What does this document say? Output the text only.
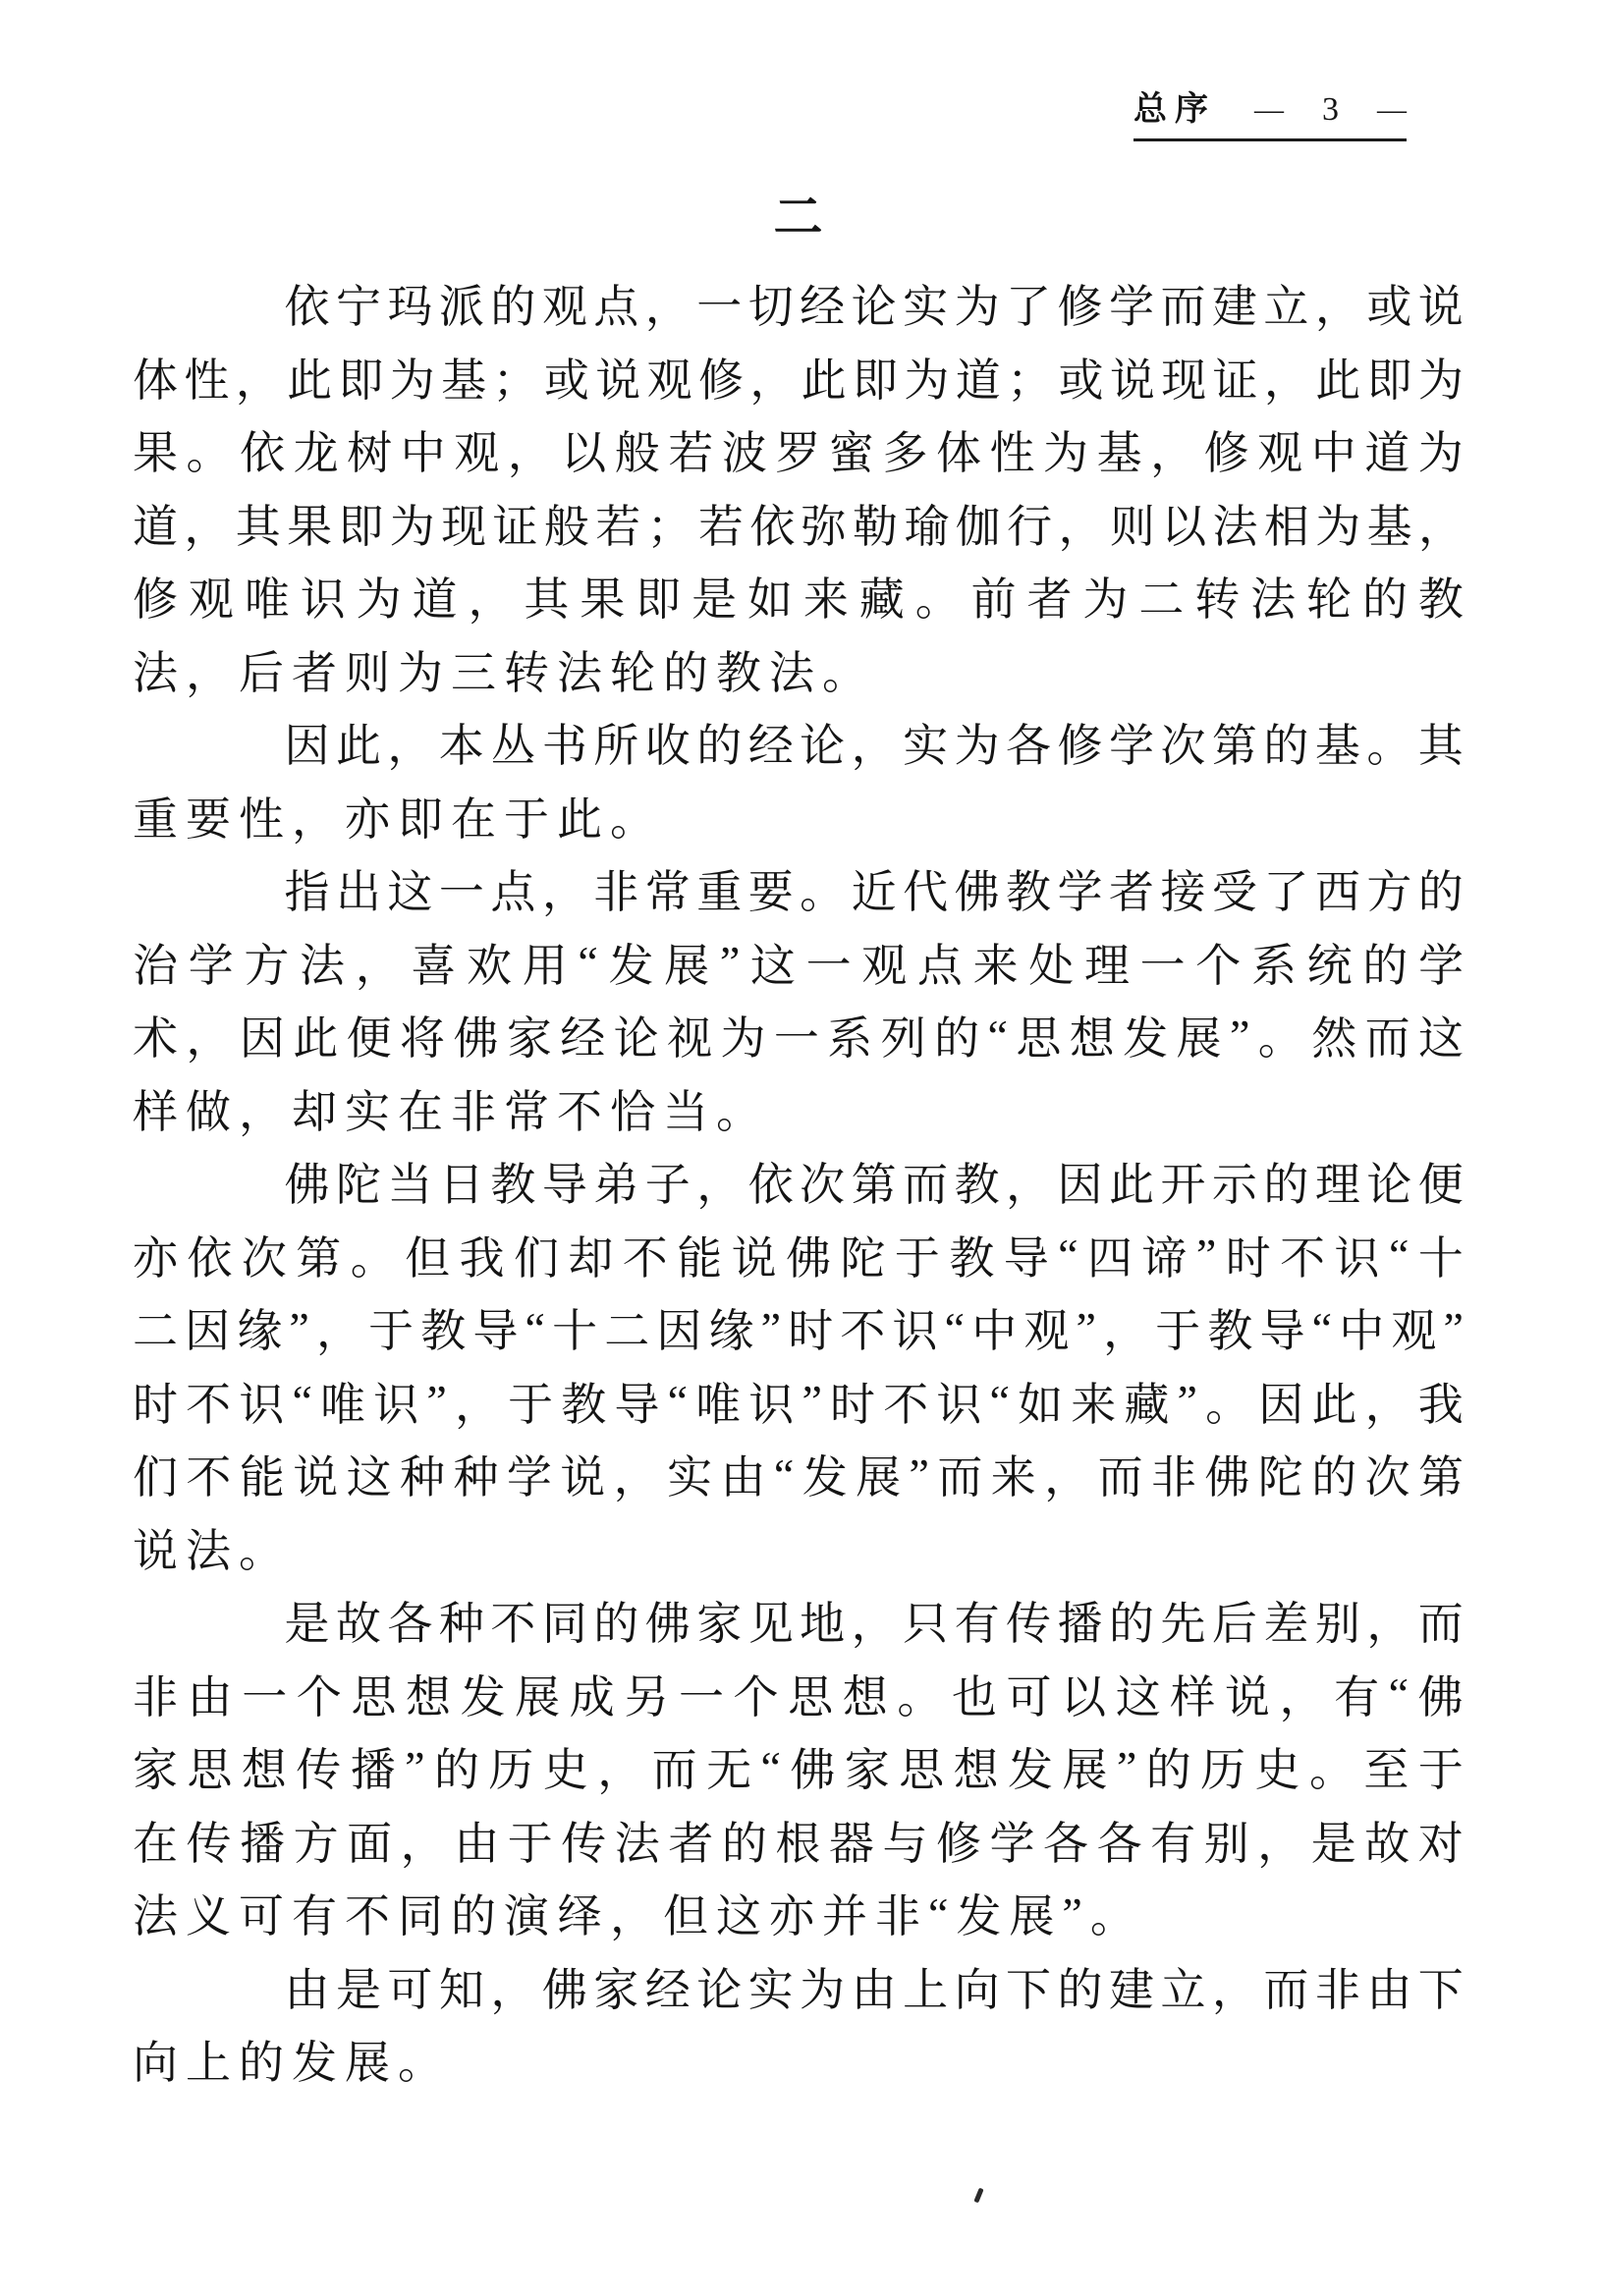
总序 — 3 —
二
依 宁 玛 派 的 观 点 ， 一 切 经 论 实 为 了 修 学 而 建 立 ， 或 说
体 性 ， 此 即 为 基 ； 或 说 观 修 ， 此 即 为 道 ； 或 说 现 证 ， 此 即 为
果 。 依 龙 树 中 观 ， 以 般 若 波 罗 蜜 多 体 性 为 基 ， 修 观 中 道 为
道 ， 其 果 即 为 现 证 般 若 ； 若 依 弥 勒 瑜 伽 行 ， 则 以 法 相 为 基 ，
修 观 唯 识 为 道 ， 其 果 即 是 如 来 藏 。 前 者 为 二 转 法 轮 的 教
法 ， 后 者 则 为 三 转 法 轮 的 教 法 。
因 此 ， 本 丛 书 所 收 的 经 论 ， 实 为 各 修 学 次 第 的 基 。 其
重 要 性 ， 亦 即 在 于 此 。
指 出 这 一 点 ， 非 常 重 要 。 近 代 佛 教 学 者 接 受 了 西 方 的
治 学 方 法 ， 喜 欢 用 “ 发 展 ” 这 一 观 点 来 处 理 一 个 系 统 的 学
术 ， 因 此 便 将 佛 家 经 论 视 为 一 系 列 的 “ 思 想 发 展 ” 。 然 而 这
样 做 ， 却 实 在 非 常 不 恰 当 。
佛 陀 当 日 教 导 弟 子 ， 依 次 第 而 教 ， 因 此 开 示 的 理 论 便
亦 依 次 第 。 但 我 们 却 不 能 说 佛 陀 于 教 导 “ 四 谛 ” 时 不 识 “ 十
二 因 缘 ” ， 于 教 导 “ 十 二 因 缘 ” 时 不 识 “ 中 观 ” ， 于 教 导 “ 中 观 ”
时 不 识 “ 唯 识 ” ， 于 教 导 “ 唯 识 ” 时 不 识 “ 如 来 藏 ” 。 因 此 ， 我
们 不 能 说 这 种 种 学 说 ， 实 由 “ 发 展 ” 而 来 ， 而 非 佛 陀 的 次 第
说 法 。
是 故 各 种 不 同 的 佛 家 见 地 ， 只 有 传 播 的 先 后 差 别 ， 而
非 由 一 个 思 想 发 展 成 另 一 个 思 想 。 也 可 以 这 样 说 ， 有 “ 佛
家 思 想 传 播 ” 的 历 史 ， 而 无 “ 佛 家 思 想 发 展 ” 的 历 史 。 至 于
在 传 播 方 面 ， 由 于 传 法 者 的 根 器 与 修 学 各 各 有 别 ， 是 故 对
法 义 可 有 不 同 的 演 绎 ， 但 这 亦 并 非 “ 发 展 ” 。
由 是 可 知 ， 佛 家 经 论 实 为 由 上 向 下 的 建 立 ， 而 非 由 下
向 上 的 发 展 。
